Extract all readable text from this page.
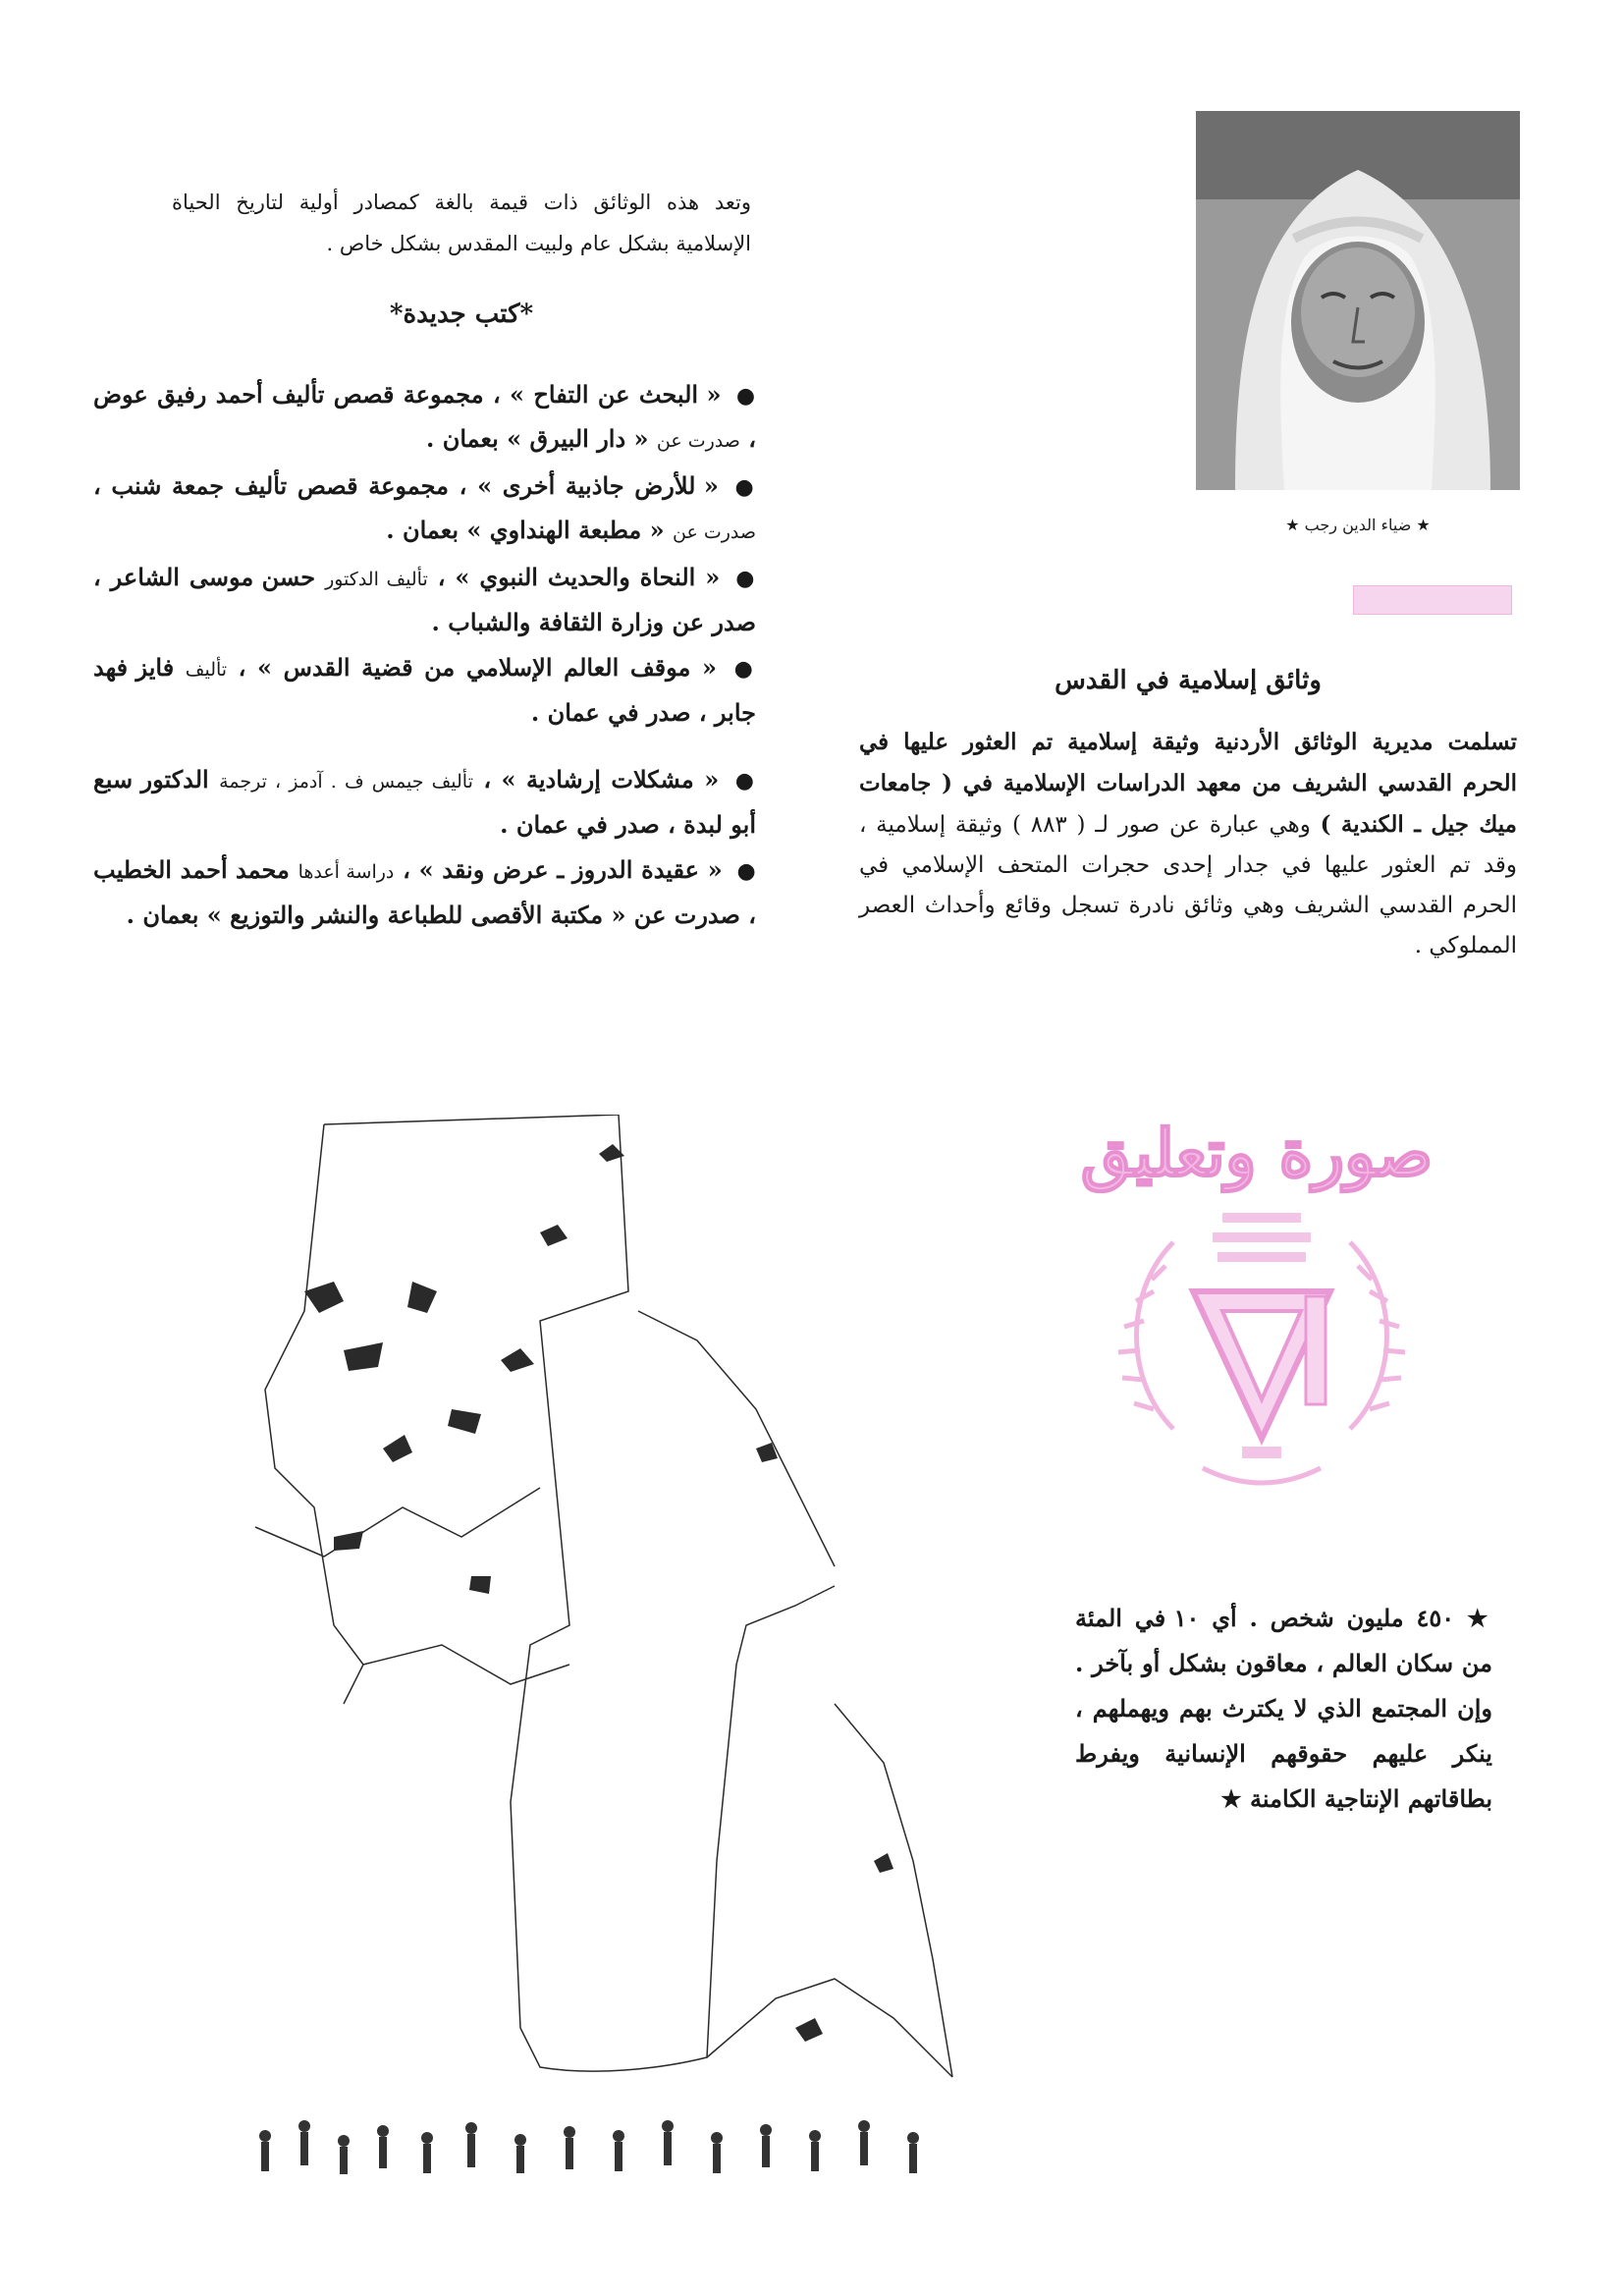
وتعد هذه الوثائق ذات قيمة بالغة كمصادر أولية لتاريخ الحياة الإسلامية بشكل عام ولبيت المقدس بشكل خاص .
*كتب جديدة*
● « البحث عن التفاح » ، مجموعة قصص تأليف أحمد رفيق عوض ، صدرت عن « دار البيرق » بعمان .
● « للأرض جاذبية أخرى » ، مجموعة قصص تأليف جمعة شنب ، صدرت عن « مطبعة الهنداوي » بعمان .
● « النحاة والحديث النبوي » ، تأليف الدكتور حسن موسى الشاعر ، صدر عن وزارة الثقافة والشباب .
● « موقف العالم الإسلامي من قضية القدس » ، تأليف فايز فهد جابر ، صدر في عمان .
● « مشكلات إرشادية » ، تأليف جيمس ف . آدمز ، ترجمة الدكتور سبع أبو لبدة ، صدر في عمان .
● « عقيدة الدروز ـ عرض ونقد » ، دراسة أعدها محمد أحمد الخطيب ، صدرت عن « مكتبة الأقصى للطباعة والنشر والتوزيع » بعمان .
★ ضياء الدين رجب ★
وثائق إسلامية في القدس
تسلمت مديرية الوثائق الأردنية وثيقة إسلامية تم العثور عليها في الحرم القدسي الشريف من معهد الدراسات الإسلامية في ( جامعات ميك جيل ـ الكندية ) وهي عبارة عن صور لـ ( ٨٨٣ ) وثيقة إسلامية ، وقد تم العثور عليها في جدار إحدى حجرات المتحف الإسلامي في الحرم القدسي الشريف وهي وثائق نادرة تسجل وقائع وأحداث العصر المملوكي .
صورة وتعليق
★ ٤٥٠ مليون شخص . أي ١٠ في المئة من سكان العالم ، معاقون بشكل أو بآخر . وإن المجتمع الذي لا يكترث بهم ويهملهم ، ينكر عليهم حقوقهم الإنسانية ويفرط بطاقاتهم الإنتاجية الكامنة ★
